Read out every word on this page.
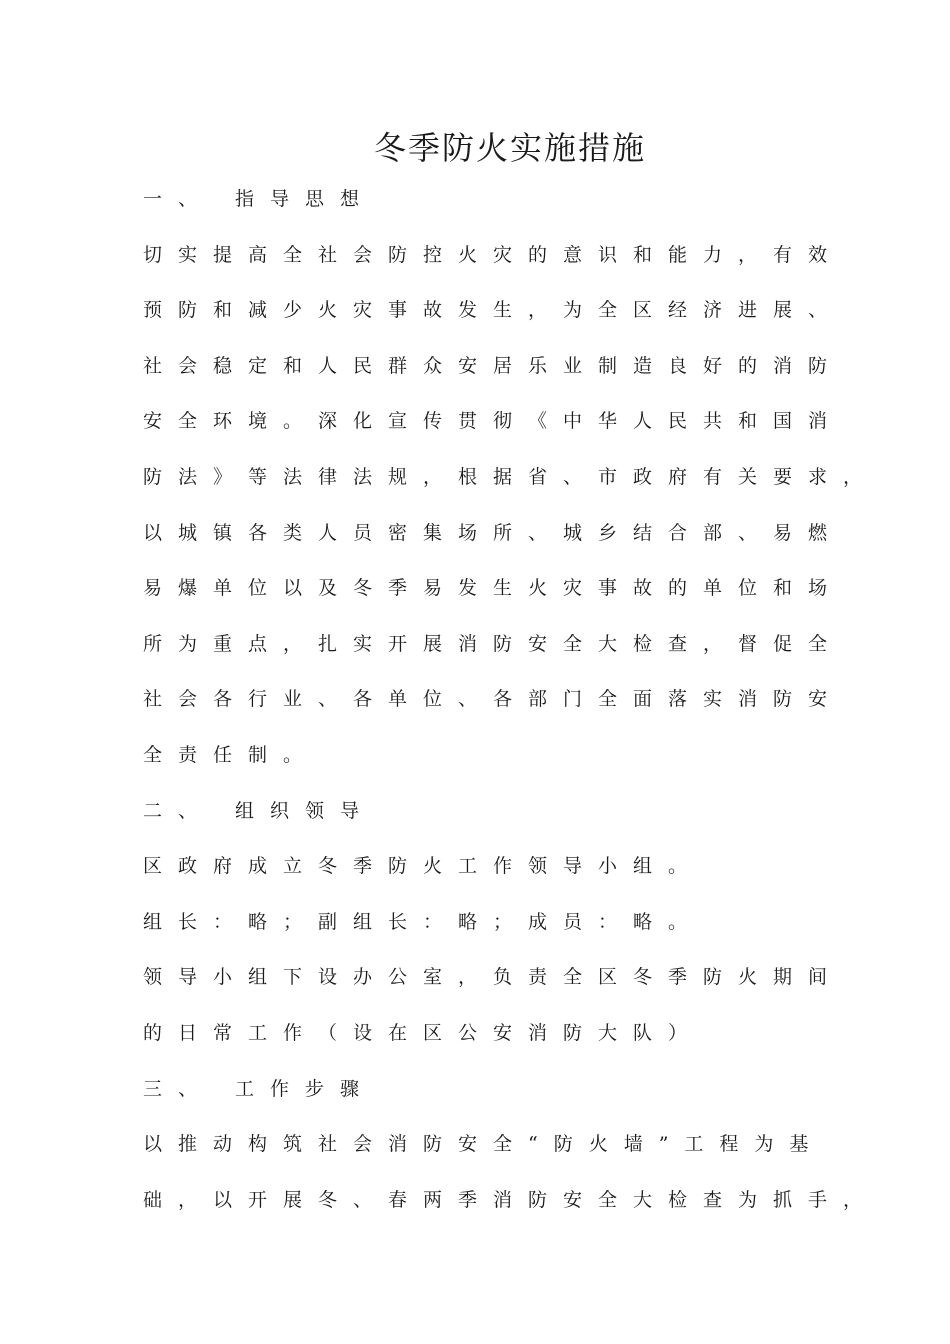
冬季防火实施措施
一、 指导思想
切实提高全社会防控火灾的意识和能力，有效
预防和减少火灾事故发生，为全区经济进展、
社会稳定和人民群众安居乐业制造良好的消防
安全环境。深化宣传贯彻《中华人民共和国消
防法》等法律法规，根据省、市政府有关要求，
以城镇各类人员密集场所、城乡结合部、易燃
易爆单位以及冬季易发生火灾事故的单位和场
所为重点，扎实开展消防安全大检查，督促全
社会各行业、各单位、各部门全面落实消防安
全责任制。
二、 组织领导
区政府成立冬季防火工作领导小组。
组长：略；副组长：略；成员：略。
领导小组下设办公室，负责全区冬季防火期间
的日常工作（设在区公安消防大队）
三、 工作步骤
以推动构筑社会消防安全“防火墙”工程为基
础，以开展冬、春两季消防安全大检查为抓手，
